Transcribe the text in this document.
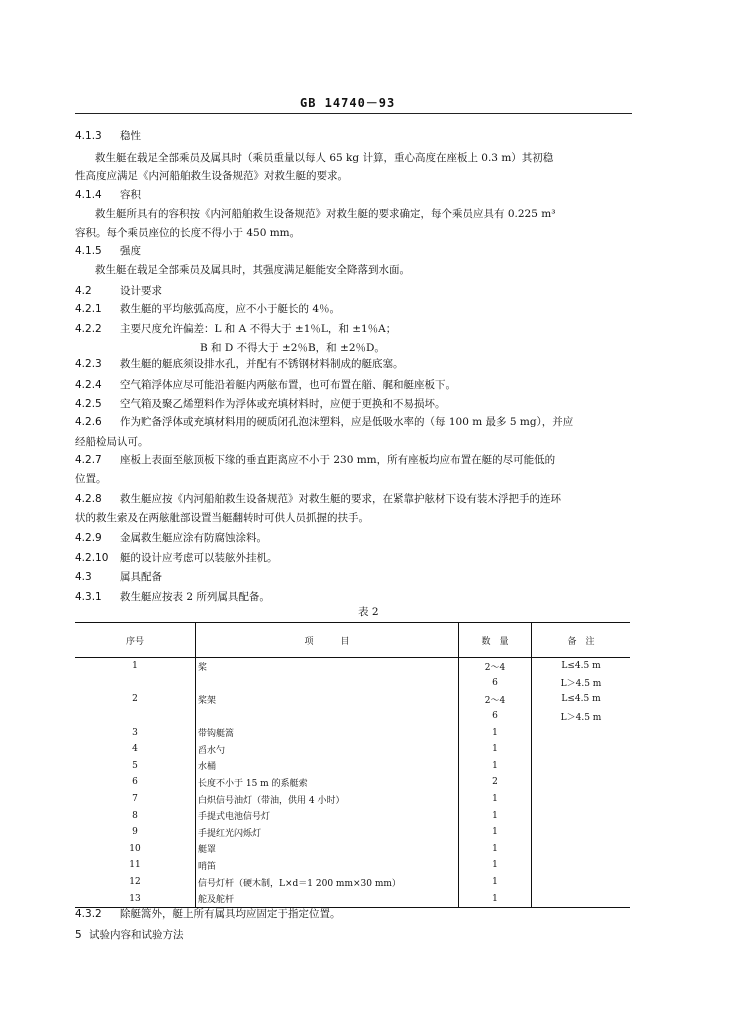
GB 14740－93
4.1.3 稳性
救生艇在载足全部乘员及属具时（乘员重量以每人 65 kg 计算，重心高度在座板上 0.3 m）其初稳
性高度应满足《内河船舶救生设备规范》对救生艇的要求。
4.1.4 容积
救生艇所具有的容积按《内河船舶救生设备规范》对救生艇的要求确定，每个乘员应具有 0.225 m³
容积。每个乘员座位的长度不得小于 450 mm。
4.1.5 强度
救生艇在载足全部乘员及属具时，其强度满足艇能安全降落到水面。
4.2	设计要求
4.2.1 救生艇的平均舷弧高度，应不小于艇长的 4％。
4.2.2 主要尺度允许偏差：L 和 A 不得大于 ±1％L，和 ±1％A；
B 和 D 不得大于 ±2％B，和 ±2％D。
4.2.3 救生艇的艇底须设排水孔，并配有不锈钢材料制成的艇底塞。
4.2.4 空气箱浮体应尽可能沿着艇内两舷布置，也可布置在艏、艉和艇座板下。
4.2.5 空气箱及聚乙烯塑料作为浮体或充填材料时，应便于更换和不易损坏。
4.2.6 作为贮备浮体或充填材料用的硬质闭孔泡沫塑料，应是低吸水率的（每 100 m 最多 5 mg），并应
经船检局认可。
4.2.7 座板上表面至舷顶板下缘的垂直距离应不小于 230 mm，所有座板均应布置在艇的尽可能低的
位置。
4.2.8 救生艇应按《内河船舶救生设备规范》对救生艇的要求，在紧靠护舷材下设有装木浮把手的连环
状的救生索及在两舷舭部设置当艇翻转时可供人员抓握的扶手。
4.2.9 金属救生艇应涂有防腐蚀涂料。
4.2.10 艇的设计应考虑可以装舷外挂机。
4.3	属具配备
4.3.1 救生艇应按表 2 所列属具配备。
表 2
序号	项　　　目	数　量	备　注
1	桨	2～4	L≤4.5 m
		6	L＞4.5 m
2	桨架	2～4	L≤4.5 m
		6	L＞4.5 m
3	带钩艇篙	1	
4	舀水勺	1	
5	水桶	1	
6	长度不小于 15 m 的系艇索	2	
7	白炽信号油灯（带油，供用 4 小时）	1	
8	手提式电池信号灯	1	
9	手提红光闪烁灯	1	
10	艇罩	1	
11	哨笛	1	
12	信号灯杆（硬木制，L×d＝1 200 mm×30 mm）	1	
13	舵及舵杆	1	
4.3.2 除艇篙外，艇上所有属具均应固定于指定位置。
5 试验内容和试验方法
